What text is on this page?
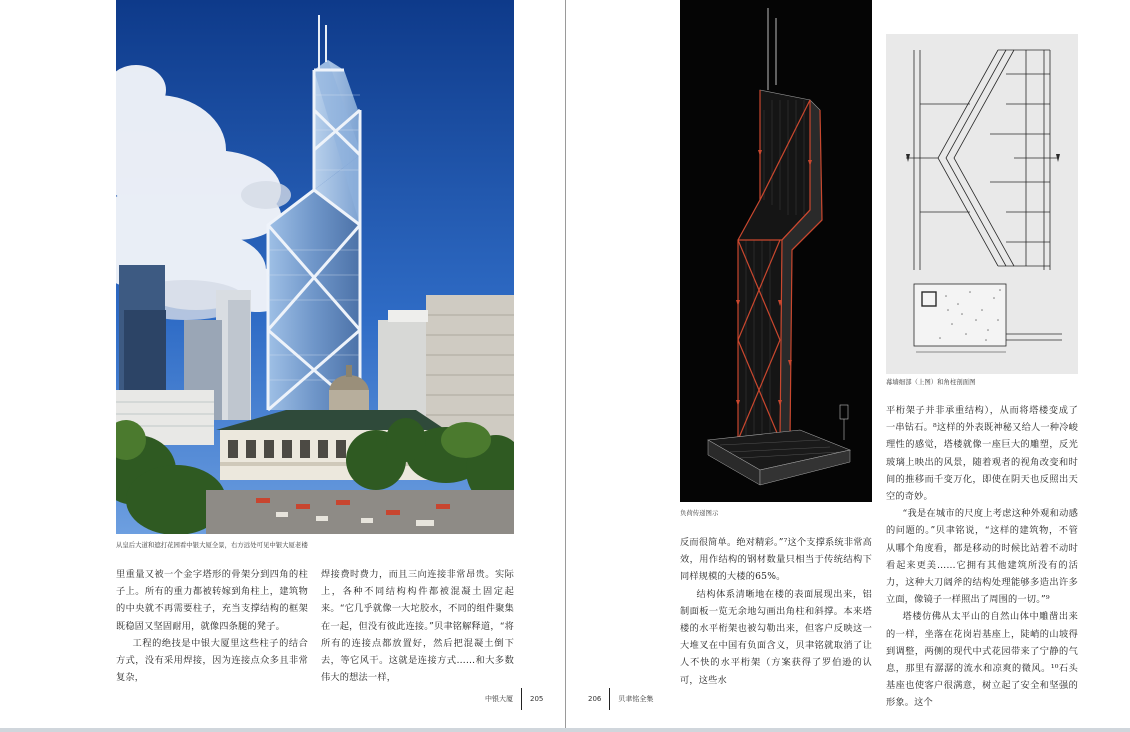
从皇后大道和遮打花园看中银大厦全景，右方远处可见中银大厦老楼

里重量又被一个金字塔形的骨架分到四角的柱子上。所有的重力都被转嫁到角柱上，建筑物的中央就不再需要柱子，充当支撑结构的框架既稳固又坚固耐用，就像四条腿的凳子。

工程的绝技是中银大厦里这些柱子的结合方式，没有采用焊接，因为连接点众多且非常复杂，

焊接费时费力，而且三向连接非常昂贵。实际上，各种不同结构构件都被混凝土固定起来。“它几乎就像一大坨胶水，不同的组件聚集在一起，但没有彼此连接。”贝聿铭解释道，“将所有的连接点都放置好，然后把混凝土倒下去，等它风干。这就是连接方式……和大多数伟大的想法一样，

中银大厦 205
负荷传递图示
幕墙细部（上图）和角柱剖面图

反而很简单。绝对精彩。”⁷这个支撑系统非常高效，用作结构的钢材数量只相当于传统结构下同样规模的大楼的65%。

结构体系清晰地在楼的表面展现出来，铝制面板一览无余地勾画出角柱和斜撑。本来塔楼的水平桁架也被勾勒出来，但客户反映这一大堆叉在中国有负面含义，贝聿铭就取消了让人不快的水平桁架（方案获得了罗伯逊的认可，这些水

平桁架子并非承重结构），从而将塔楼变成了一串钻石。⁸这样的外表既神秘又给人一种冷峻理性的感觉，塔楼就像一座巨大的雕塑，反光玻璃上映出的风景，随着观者的视角改变和时间的推移而千变万化，即使在阴天也反照出天空的奇妙。

“我是在城市的尺度上考虑这种外观和动感的问题的。”贝聿铭说，“这样的建筑物，不管从哪个角度看，都是移动的时候比站着不动时看起来更美……它拥有其他建筑所没有的活力，这种大刀阔斧的结构处理能够多造出许多立面，像镜子一样照出了周围的一切。”⁹

塔楼仿佛从太平山的自然山体中雕凿出来的一样，坐落在花岗岩基座上，陡峭的山坡得到调整，两侧的现代中式花园带来了宁静的气息，那里有潺潺的流水和凉爽的微风。¹⁰石头基座也使客户很满意，树立起了安全和坚强的形象。这个

206 贝聿铭全集
